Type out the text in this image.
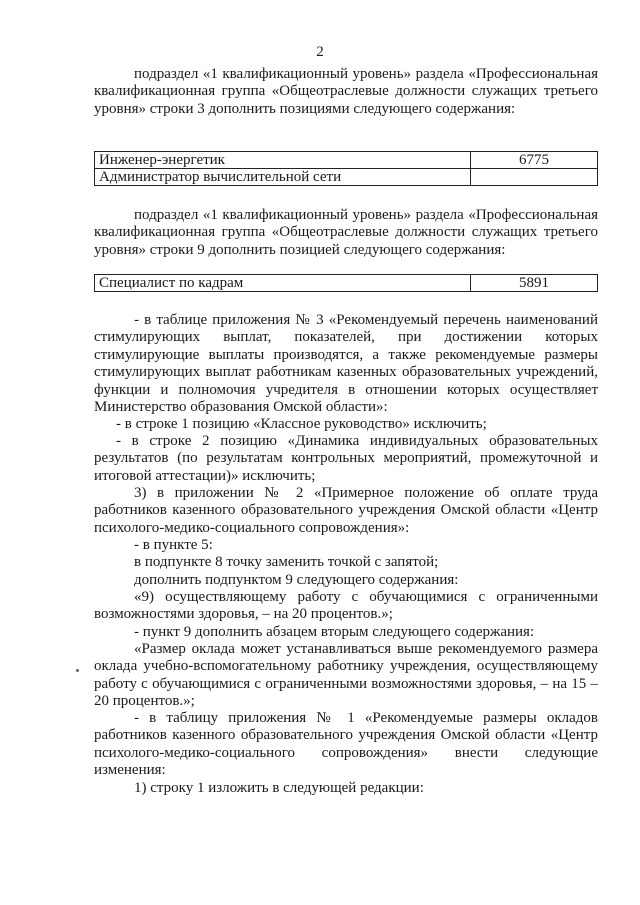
2

подраздел «1 квалификационный уровень» раздела «Профессиональная квалификационная группа «Общеотраслевые должности служащих третьего уровня» строки 3 дополнить позициями следующего содержания:

Инженер-энергетик	6775
Администратор вычислительной сети	

подраздел «1 квалификационный уровень» раздела «Профессиональная квалификационная группа «Общеотраслевые должности служащих третьего уровня» строки 9 дополнить позицией следующего содержания:

Специалист по кадрам	5891

- в таблице приложения № 3 «Рекомендуемый перечень наименований стимулирующих выплат, показателей, при достижении которых стимулирующие выплаты производятся, а также рекомендуемые размеры стимулирующих выплат работникам казенных образовательных учреждений, функции и полномочия учредителя в отношении которых осуществляет Министерство образования Омской области»:

- в строке 1 позицию «Классное руководство» исключить;

- в строке 2 позицию «Динамика индивидуальных образовательных результатов (по результатам контрольных мероприятий, промежуточной и итоговой аттестации)» исключить;

3) в приложении № 2 «Примерное положение об оплате труда работников казенного образовательного учреждения Омской области «Центр психолого-медико-социального сопровождения»:

- в пункте 5:

в подпункте 8 точку заменить точкой с запятой;

дополнить подпунктом 9 следующего содержания:

«9) осуществляющему работу с обучающимися с ограниченными возможностями здоровья, – на 20 процентов.»;

- пункт 9 дополнить абзацем вторым следующего содержания:

«Размер оклада может устанавливаться выше рекомендуемого размера оклада учебно-вспомогательному работнику учреждения, осуществляющему работу с обучающимися с ограниченными возможностями здоровья, – на 15 – 20 процентов.»;

- в таблицу приложения № 1 «Рекомендуемые размеры окладов работников казенного образовательного учреждения Омской области «Центр психолого-медико-социального сопровождения» внести следующие изменения:

1) строку 1 изложить в следующей редакции:
